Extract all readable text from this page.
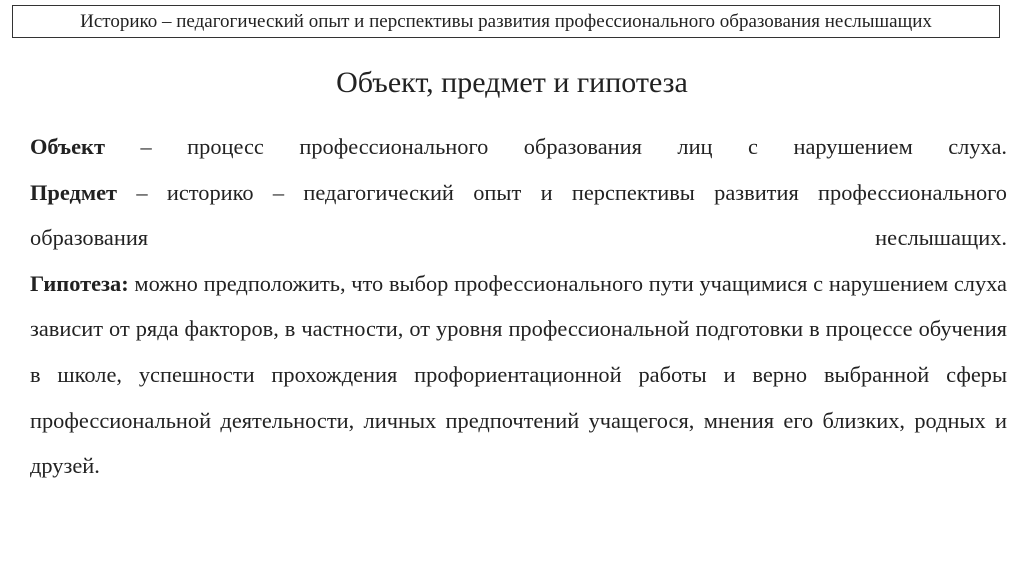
Историко – педагогический опыт и перспективы развития профессионального образования неслышащих
Объект, предмет и гипотеза

Объект – процесс профессионального образования лиц с нарушением слуха.

Предмет – историко – педагогический опыт и перспективы развития профессионального образования неслышащих.

Гипотеза: можно предположить, что выбор профессионального пути учащимися с нарушением слуха зависит от ряда факторов, в частности, от уровня профессиональной подготовки в процессе обучения в школе, успешности прохождения профориентационной работы и верно выбранной сферы профессиональной деятельности, личных предпочтений учащегося, мнения его близких, родных и друзей.
